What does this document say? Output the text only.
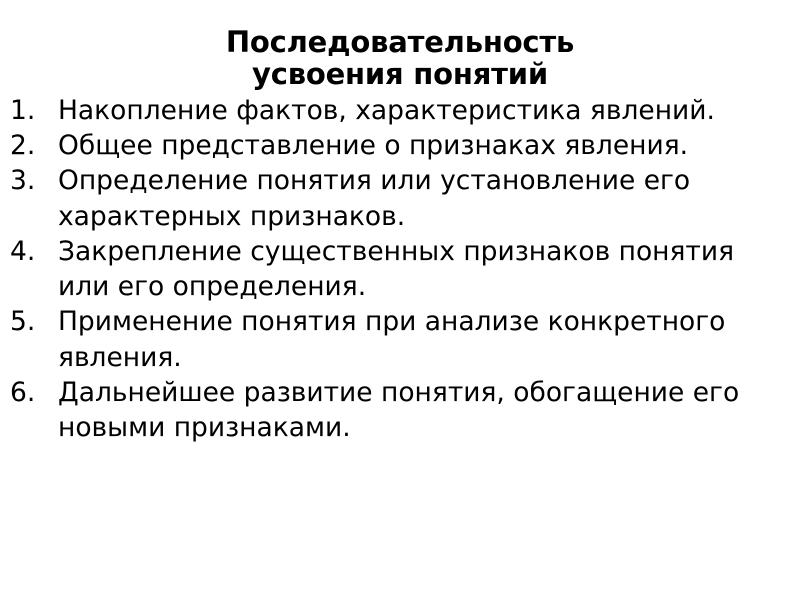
Последовательность
усвоения понятий
Накопление фактов, характеристика явлений.
Общее представление о признаках явления.
Определение понятия или установление его характерных признаков.
Закрепление существенных признаков понятия или его определения.
Применение понятия при анализе конкретного явления.
Дальнейшее развитие понятия, обогащение его новыми признаками.
